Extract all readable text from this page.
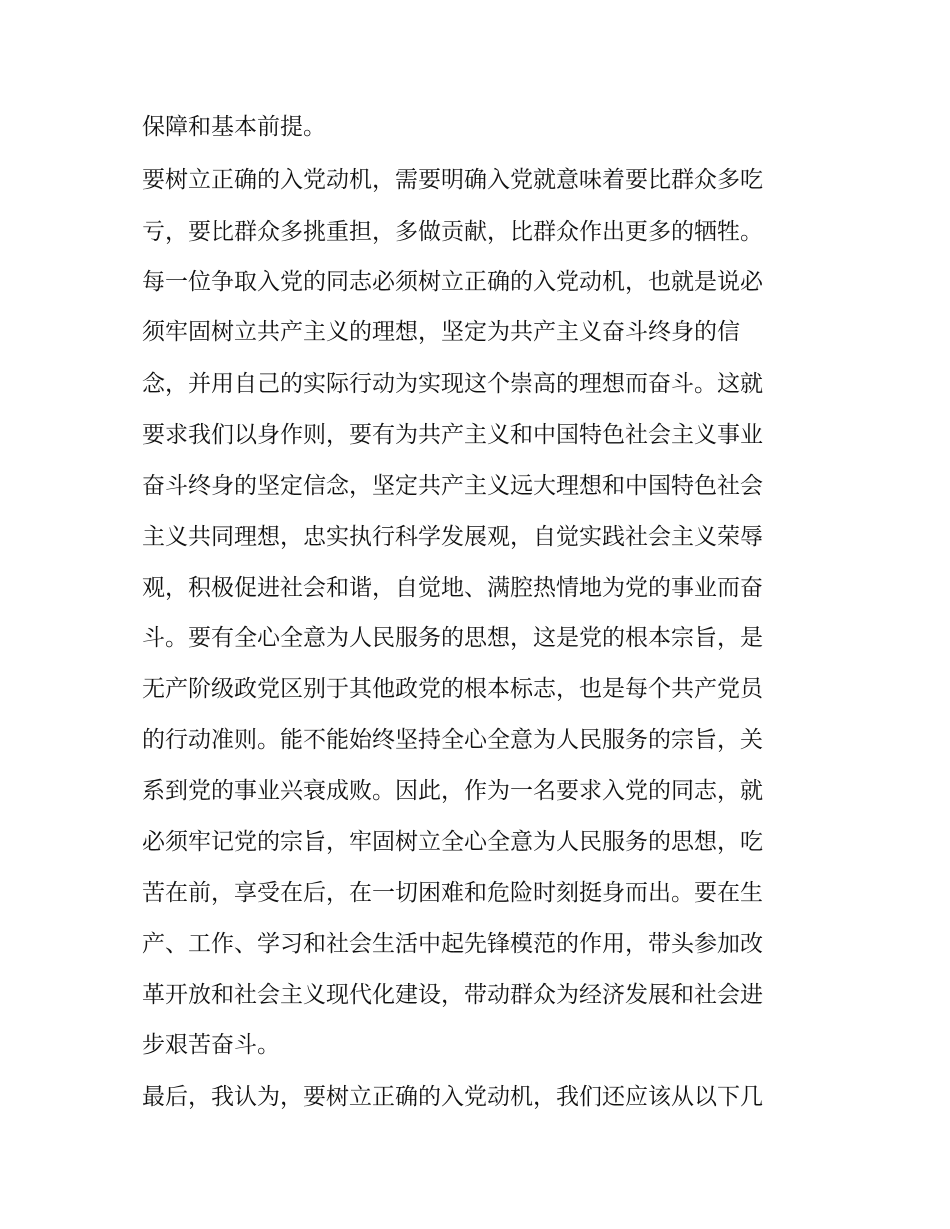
保障和基本前提。
要树立正确的入党动机，需要明确入党就意味着要比群众多吃
亏，要比群众多挑重担，多做贡献，比群众作出更多的牺牲。
每一位争取入党的同志必须树立正确的入党动机，也就是说必
须牢固树立共产主义的理想，坚定为共产主义奋斗终身的信
念，并用自己的实际行动为实现这个崇高的理想而奋斗。这就
要求我们以身作则，要有为共产主义和中国特色社会主义事业
奋斗终身的坚定信念，坚定共产主义远大理想和中国特色社会
主义共同理想，忠实执行科学发展观，自觉实践社会主义荣辱
观，积极促进社会和谐，自觉地、满腔热情地为党的事业而奋
斗。要有全心全意为人民服务的思想，这是党的根本宗旨，是
无产阶级政党区别于其他政党的根本标志，也是每个共产党员
的行动准则。能不能始终坚持全心全意为人民服务的宗旨，关
系到党的事业兴衰成败。因此，作为一名要求入党的同志，就
必须牢记党的宗旨，牢固树立全心全意为人民服务的思想，吃
苦在前，享受在后，在一切困难和危险时刻挺身而出。要在生
产、工作、学习和社会生活中起先锋模范的作用，带头参加改
革开放和社会主义现代化建设，带动群众为经济发展和社会进
步艰苦奋斗。
最后，我认为，要树立正确的入党动机，我们还应该从以下几
